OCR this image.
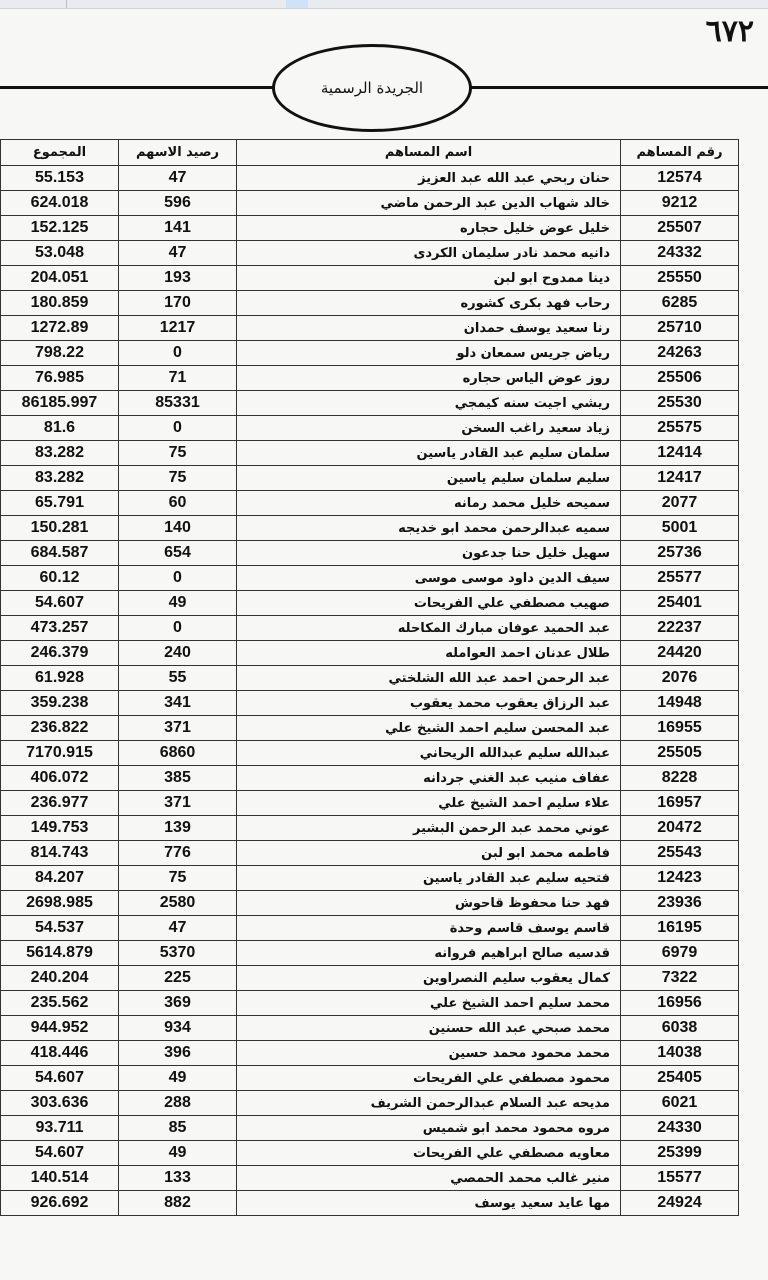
٦٧٢
الجريدة الرسمية
رقم المساهم	اسم المساهم	رصيد الاسهم	المجموع
12574	حنان ربحي عبد الله عبد العزيز	47	55.153
9212	خالد شهاب الدين عبد الرحمن ماضي	596	624.018
25507	خليل عوض خليل حجاره	141	152.125
24332	دانيه محمد نادر سليمان الكردى	47	53.048
25550	دينا ممدوح ابو لبن	193	204.051
6285	رحاب فهد بكرى كشوره	170	180.859
25710	رنا سعيد يوسف حمدان	1217	1272.89
24263	رياض جريس سمعان دلو	0	798.22
25506	روز عوض الياس حجاره	71	76.985
25530	ريشي اجيت سنه كيمجي	85331	86185.997
25575	زياد سعيد راغب السخن	0	81.6
12414	سلمان سليم عبد القادر ياسين	75	83.282
12417	سليم سلمان سليم ياسين	75	83.282
2077	سميحه خليل محمد رمانه	60	65.791
5001	سميه عبدالرحمن محمد ابو خديجه	140	150.281
25736	سهيل خليل حنا جدعون	654	684.587
25577	سيف الدين داود موسى موسى	0	60.12
25401	صهيب مصطفي علي الفريحات	49	54.607
22237	عبد الحميد عوفان مبارك المكاحله	0	473.257
24420	طلال عدنان احمد العوامله	240	246.379
2076	عبد الرحمن احمد عبد الله الشلختي	55	61.928
14948	عبد الرزاق يعقوب محمد يعقوب	341	359.238
16955	عبد المحسن سليم احمد الشيخ علي	371	236.822
25505	عبدالله سليم عبدالله الريحاني	6860	7170.915
8228	عفاف منيب عبد الغني جردانه	385	406.072
16957	علاء سليم احمد الشيخ علي	371	236.977
20472	عوني محمد عبد الرحمن البشير	139	149.753
25543	فاطمه محمد ابو لبن	776	814.743
12423	فتحيه سليم عبد القادر ياسين	75	84.207
23936	فهد حنا محفوظ قاحوش	2580	2698.985
16195	قاسم يوسف قاسم وحدة	47	54.537
6979	قدسيه صالح ابراهيم فروانه	5370	5614.879
7322	كمال يعقوب سليم النصراوين	225	240.204
16956	محمد سليم احمد الشيخ علي	369	235.562
6038	محمد صبحي عبد الله حسنين	934	944.952
14038	محمد محمود محمد حسين	396	418.446
25405	محمود مصطفي علي الفريحات	49	54.607
6021	مديحه عبد السلام عبدالرحمن الشريف	288	303.636
24330	مروه محمود محمد ابو شميس	85	93.711
25399	معاويه مصطفي علي الفريحات	49	54.607
15577	منير غالب محمد الحمصي	133	140.514
24924	مها عايد سعيد يوسف	882	926.692
